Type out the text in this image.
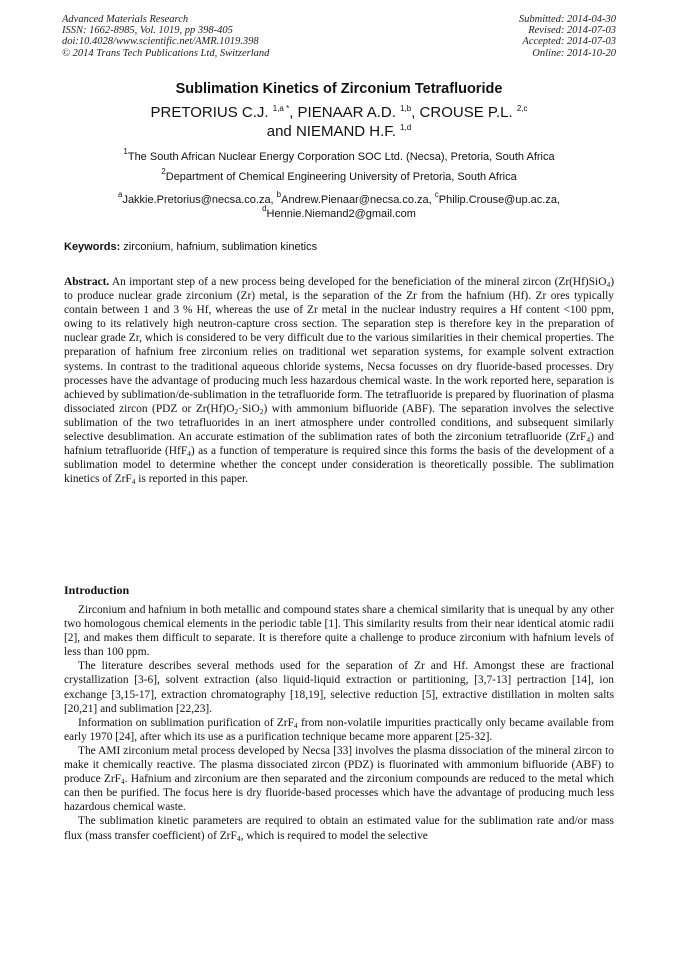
Advanced Materials Research
ISSN: 1662-8985, Vol. 1019, pp 398-405
doi:10.4028/www.scientific.net/AMR.1019.398
© 2014 Trans Tech Publications Ltd, Switzerland
Submitted: 2014-04-30
Revised: 2014-07-03
Accepted: 2014-07-03
Online: 2014-10-20
Sublimation Kinetics of Zirconium Tetrafluoride
PRETORIUS C.J. $^{1,a *}$, PIENAAR A.D. $^{1,b}$, CROUSE P.L. $^{2,c}$
and NIEMAND H.F. $^{1,d}$
$^1$The South African Nuclear Energy Corporation SOC Ltd. (Necsa), Pretoria, South Africa
$^2$Department of Chemical Engineering University of Pretoria, South Africa
$^a$Jakkie.Pretorius@necsa.co.za, $^b$Andrew.Pienaar@necsa.co.za, $^c$Philip.Crouse@up.ac.za,
$^d$Hennie.Niemand2@gmail.com
Keywords: zirconium, hafnium, sublimation kinetics

Abstract. An important step of a new process being developed for the beneficiation of the mineral zircon (Zr(Hf)SiO$_4$) to produce nuclear grade zirconium (Zr) metal, is the separation of the Zr from the hafnium (Hf). Zr ores typically contain between 1 and 3 % Hf, whereas the use of Zr metal in the nuclear industry requires a Hf content <100 ppm, owing to its relatively high neutron-capture cross section. The separation step is therefore key in the preparation of nuclear grade Zr, which is considered to be very difficult due to the various similarities in their chemical properties. The preparation of hafnium free zirconium relies on traditional wet separation systems, for example solvent extraction systems. In contrast to the traditional aqueous chloride systems, Necsa focusses on dry fluoride-based processes. Dry processes have the advantage of producing much less hazardous chemical waste. In the work reported here, separation is achieved by sublimation/de-sublimation in the tetrafluoride form. The tetrafluoride is prepared by fluorination of plasma dissociated zircon (PDZ or $Zr(Hf)O_2\cdot SiO_2$) with ammonium bifluoride (ABF). The separation involves the selective sublimation of the two tetrafluorides in an inert atmosphere under controlled conditions, and subsequent similarly selective desublimation. An accurate estimation of the sublimation rates of both the zirconium tetrafluoride (ZrF$_4$) and hafnium tetrafluoride (HfF$_4$) as a function of temperature is required since this forms the basis of the development of a sublimation model to determine whether the concept under consideration is theoretically possible. The sublimation kinetics of ZrF$_4$ is reported in this paper.

Introduction

Zirconium and hafnium in both metallic and compound states share a chemical similarity that is unequal by any other two homologous chemical elements in the periodic table [1]. This similarity results from their near identical atomic radii [2], and makes them difficult to separate. It is therefore quite a challenge to produce zirconium with hafnium levels of less than 100 ppm.

The literature describes several methods used for the separation of Zr and Hf. Amongst these are fractional crystallization [3-6], solvent extraction (also liquid-liquid extraction or partitioning, [3,7-13] pertraction [14], ion exchange [3,15-17], extraction chromatography [18,19], selective reduction [5], extractive distillation in molten salts [20,21] and sublimation [22,23].

Information on sublimation purification of ZrF$_4$ from non-volatile impurities practically only became available from early 1970 [24], after which its use as a purification technique became more apparent [25-32].

The AMI zirconium metal process developed by Necsa [33] involves the plasma dissociation of the mineral zircon to make it chemically reactive. The plasma dissociated zircon (PDZ) is fluorinated with ammonium bifluoride (ABF) to produce ZrF$_4$. Hafnium and zirconium are then separated and the zirconium compounds are reduced to the metal which can then be purified. The focus here is dry fluoride-based processes which have the advantage of producing much less hazardous chemical waste.

The sublimation kinetic parameters are required to obtain an estimated value for the sublimation rate and/or mass flux (mass transfer coefficient) of ZrF$_4$, which is required to model the selective
